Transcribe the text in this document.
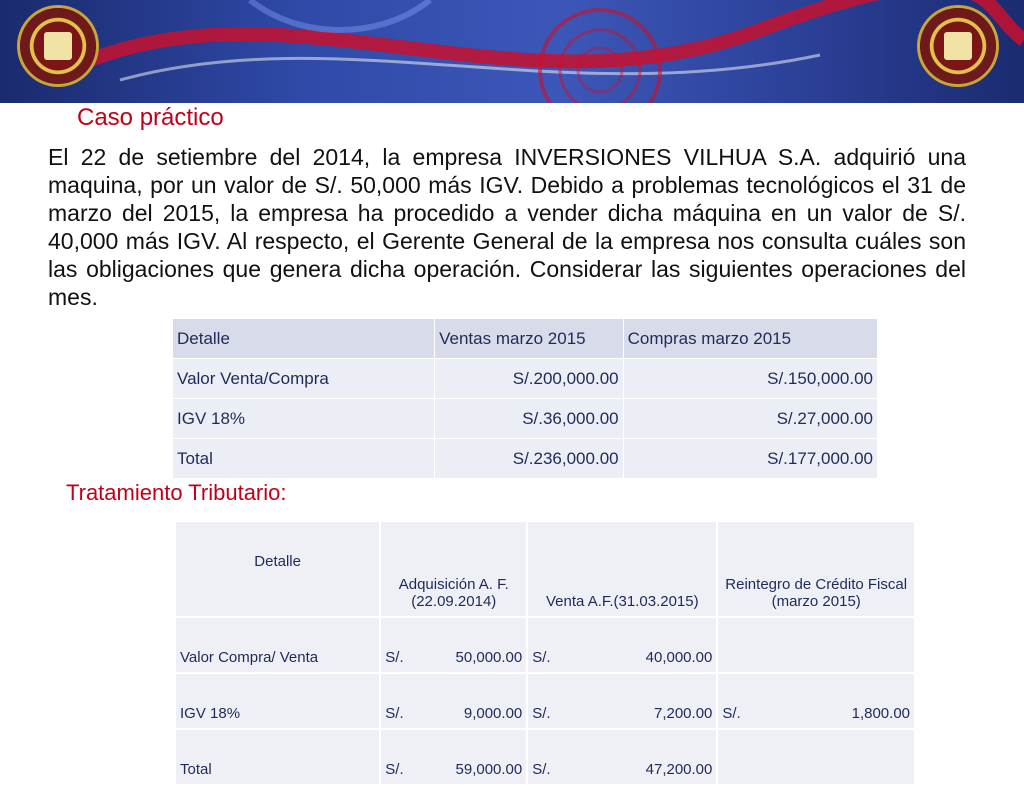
Caso práctico
El 22 de setiembre del 2014, la empresa INVERSIONES VILHUA S.A. adquirió una maquina, por un valor de S/. 50,000 más IGV. Debido a problemas tecnológicos el 31 de marzo del 2015, la empresa ha procedido a vender dicha máquina en un valor de S/. 40,000 más IGV. Al respecto, el Gerente General de la empresa nos consulta cuáles son las obligaciones que genera dicha operación. Considerar las siguientes operaciones del mes.
Detalle	Ventas marzo 2015	Compras marzo 2015
Valor Venta/Compra	S/.200,000.00	S/.150,000.00
IGV 18%	S/.36,000.00	S/.27,000.00
Total	S/.236,000.00	S/.177,000.00
Tratamiento Tributario:
Detalle	Adquisición A. F. (22.09.2014)	Venta A.F.(31.03.2015)	Reintegro de Crédito Fiscal (marzo 2015)
Valor Compra/ Venta	S/. 50,000.00	S/. 40,000.00	

IGV 18%	S/. 9,000.00	S/. 7,200.00	S/. 1,800.00

Total	S/. 59,000.00	S/. 47,200.00	
